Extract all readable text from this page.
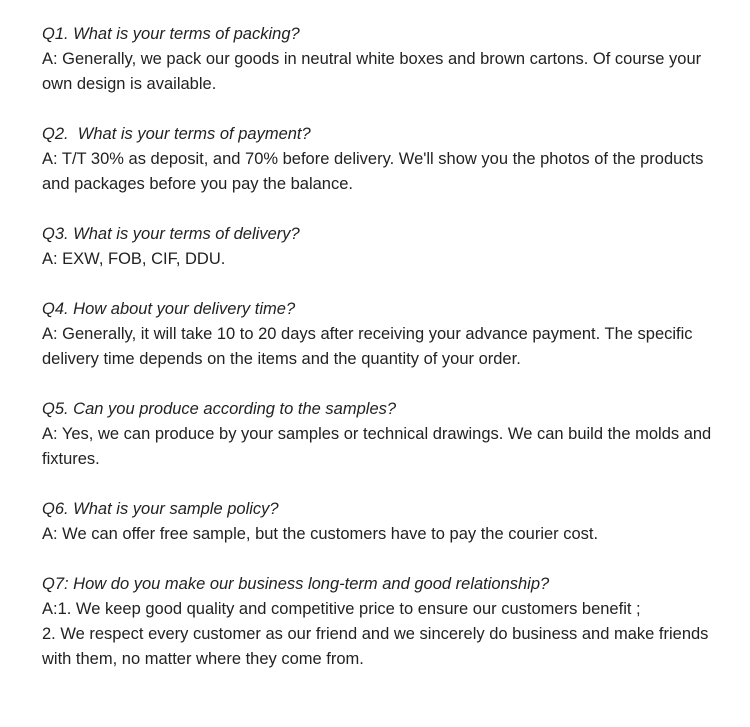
Q1. What is your terms of packing?
A: Generally, we pack our goods in neutral white boxes and brown cartons. Of course your own design is available.
Q2.  What is your terms of payment?
A: T/T 30% as deposit, and 70% before delivery. We'll show you the photos of the products and packages before you pay the balance.
Q3. What is your terms of delivery?
A: EXW, FOB, CIF, DDU.
Q4. How about your delivery time?
A: Generally, it will take 10 to 20 days after receiving your advance payment. The specific delivery time depends on the items and the quantity of your order.
Q5. Can you produce according to the samples?
A: Yes, we can produce by your samples or technical drawings. We can build the molds and fixtures.
Q6. What is your sample policy?
A: We can offer free sample, but the customers have to pay the courier cost.
Q7: How do you make our business long-term and good relationship?
A:1. We keep good quality and competitive price to ensure our customers benefit ;
2. We respect every customer as our friend and we sincerely do business and make friends with them, no matter where they come from.
